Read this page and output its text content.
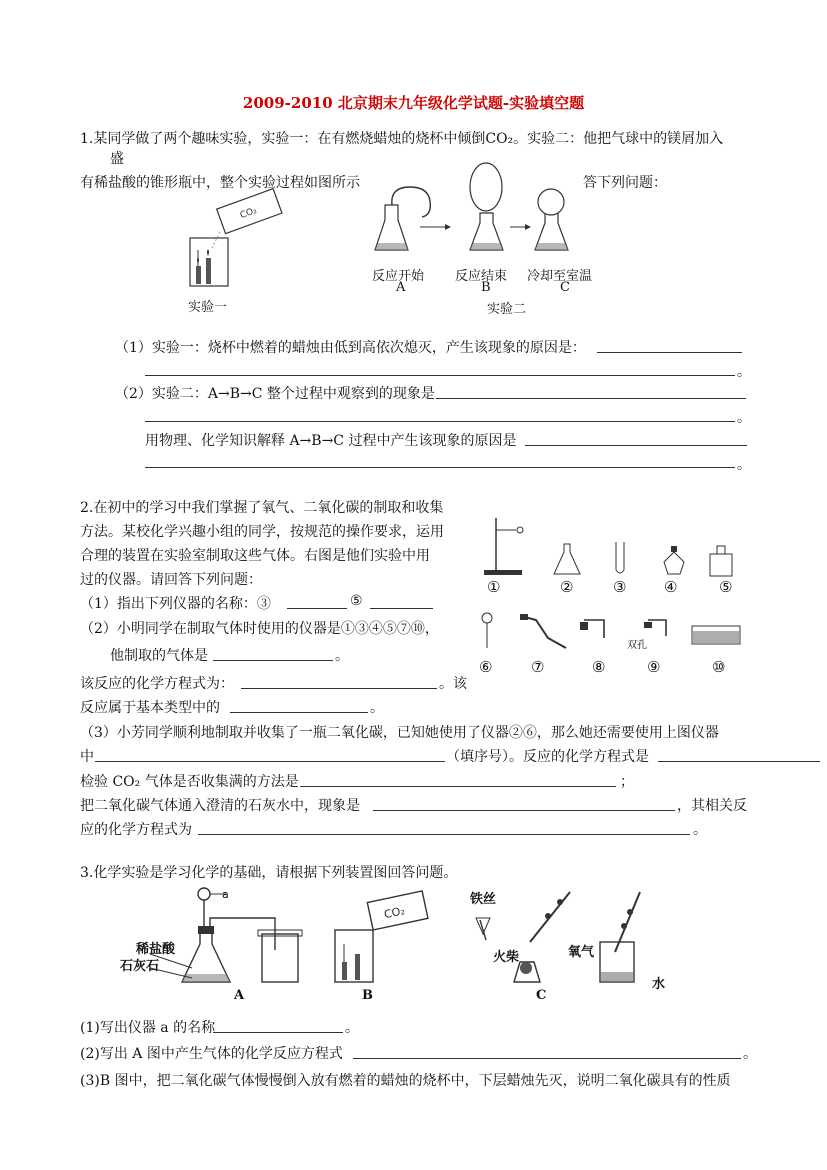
2009-2010 北京期末九年级化学试题-实验填空题
1.某同学做了两个趣味实验，实验一：在有燃烧蜡烛的烧杯中倾倒CO₂。实验二：他把气球中的镁屑加入
盛
有稀盐酸的锥形瓶中，整个实验过程如图所示	答下列问题：
CO₂
实验一
反应开始 反应结束 冷却至室温
A	B	C
实验二
（1）实验一：烧杯中燃着的蜡烛由低到高依次熄灭，产生该现象的原因是：
。
（2）实验二：A→B→C 整个过程中观察到的现象是
。
用物理、化学知识解释 A→B→C 过程中产生该现象的原因是
。
2.在初中的学习中我们掌握了氧气、二氧化碳的制取和收集
方法。某校化学兴趣小组的同学，按规范的操作要求，运用
合理的装置在实验室制取这些气体。右图是他们实验中用
过的仪器。请回答下列问题：
（1）指出下列仪器的名称：③	⑤
（2）小明同学在制取气体时使用的仪器是①③④⑤⑦⑩，
他制取的气体是	。
该反应的化学方程式为：	。该
反应属于基本类型中的	。
（3）小芳同学顺利地制取并收集了一瓶二氧化碳，已知她使用了仪器②⑥，那么她还需要使用上图仪器
中	（填序号）。反应的化学方程式是
检验 CO₂ 气体是否收集满的方法是	；
把二氧化碳气体通入澄清的石灰水中，现象是	，其相关反
应的化学方程式为	。
①	②	③	④	⑤
⑥	⑦	⑧	⑨	⑩
双孔
3.化学实验是学习化学的基础，请根据下列装置图回答问题。
CO₂
a
稀盐酸
石灰石
铁丝
火柴	氧气
水
A	B	C
(1)写出仪器 a 的名称	。
(2)写出 A 图中产生气体的化学反应方程式	。
(3)B 图中，把二氧化碳气体慢慢倒入放有燃着的蜡烛的烧杯中，下层蜡烛先灭，说明二氧化碳具有的性质
